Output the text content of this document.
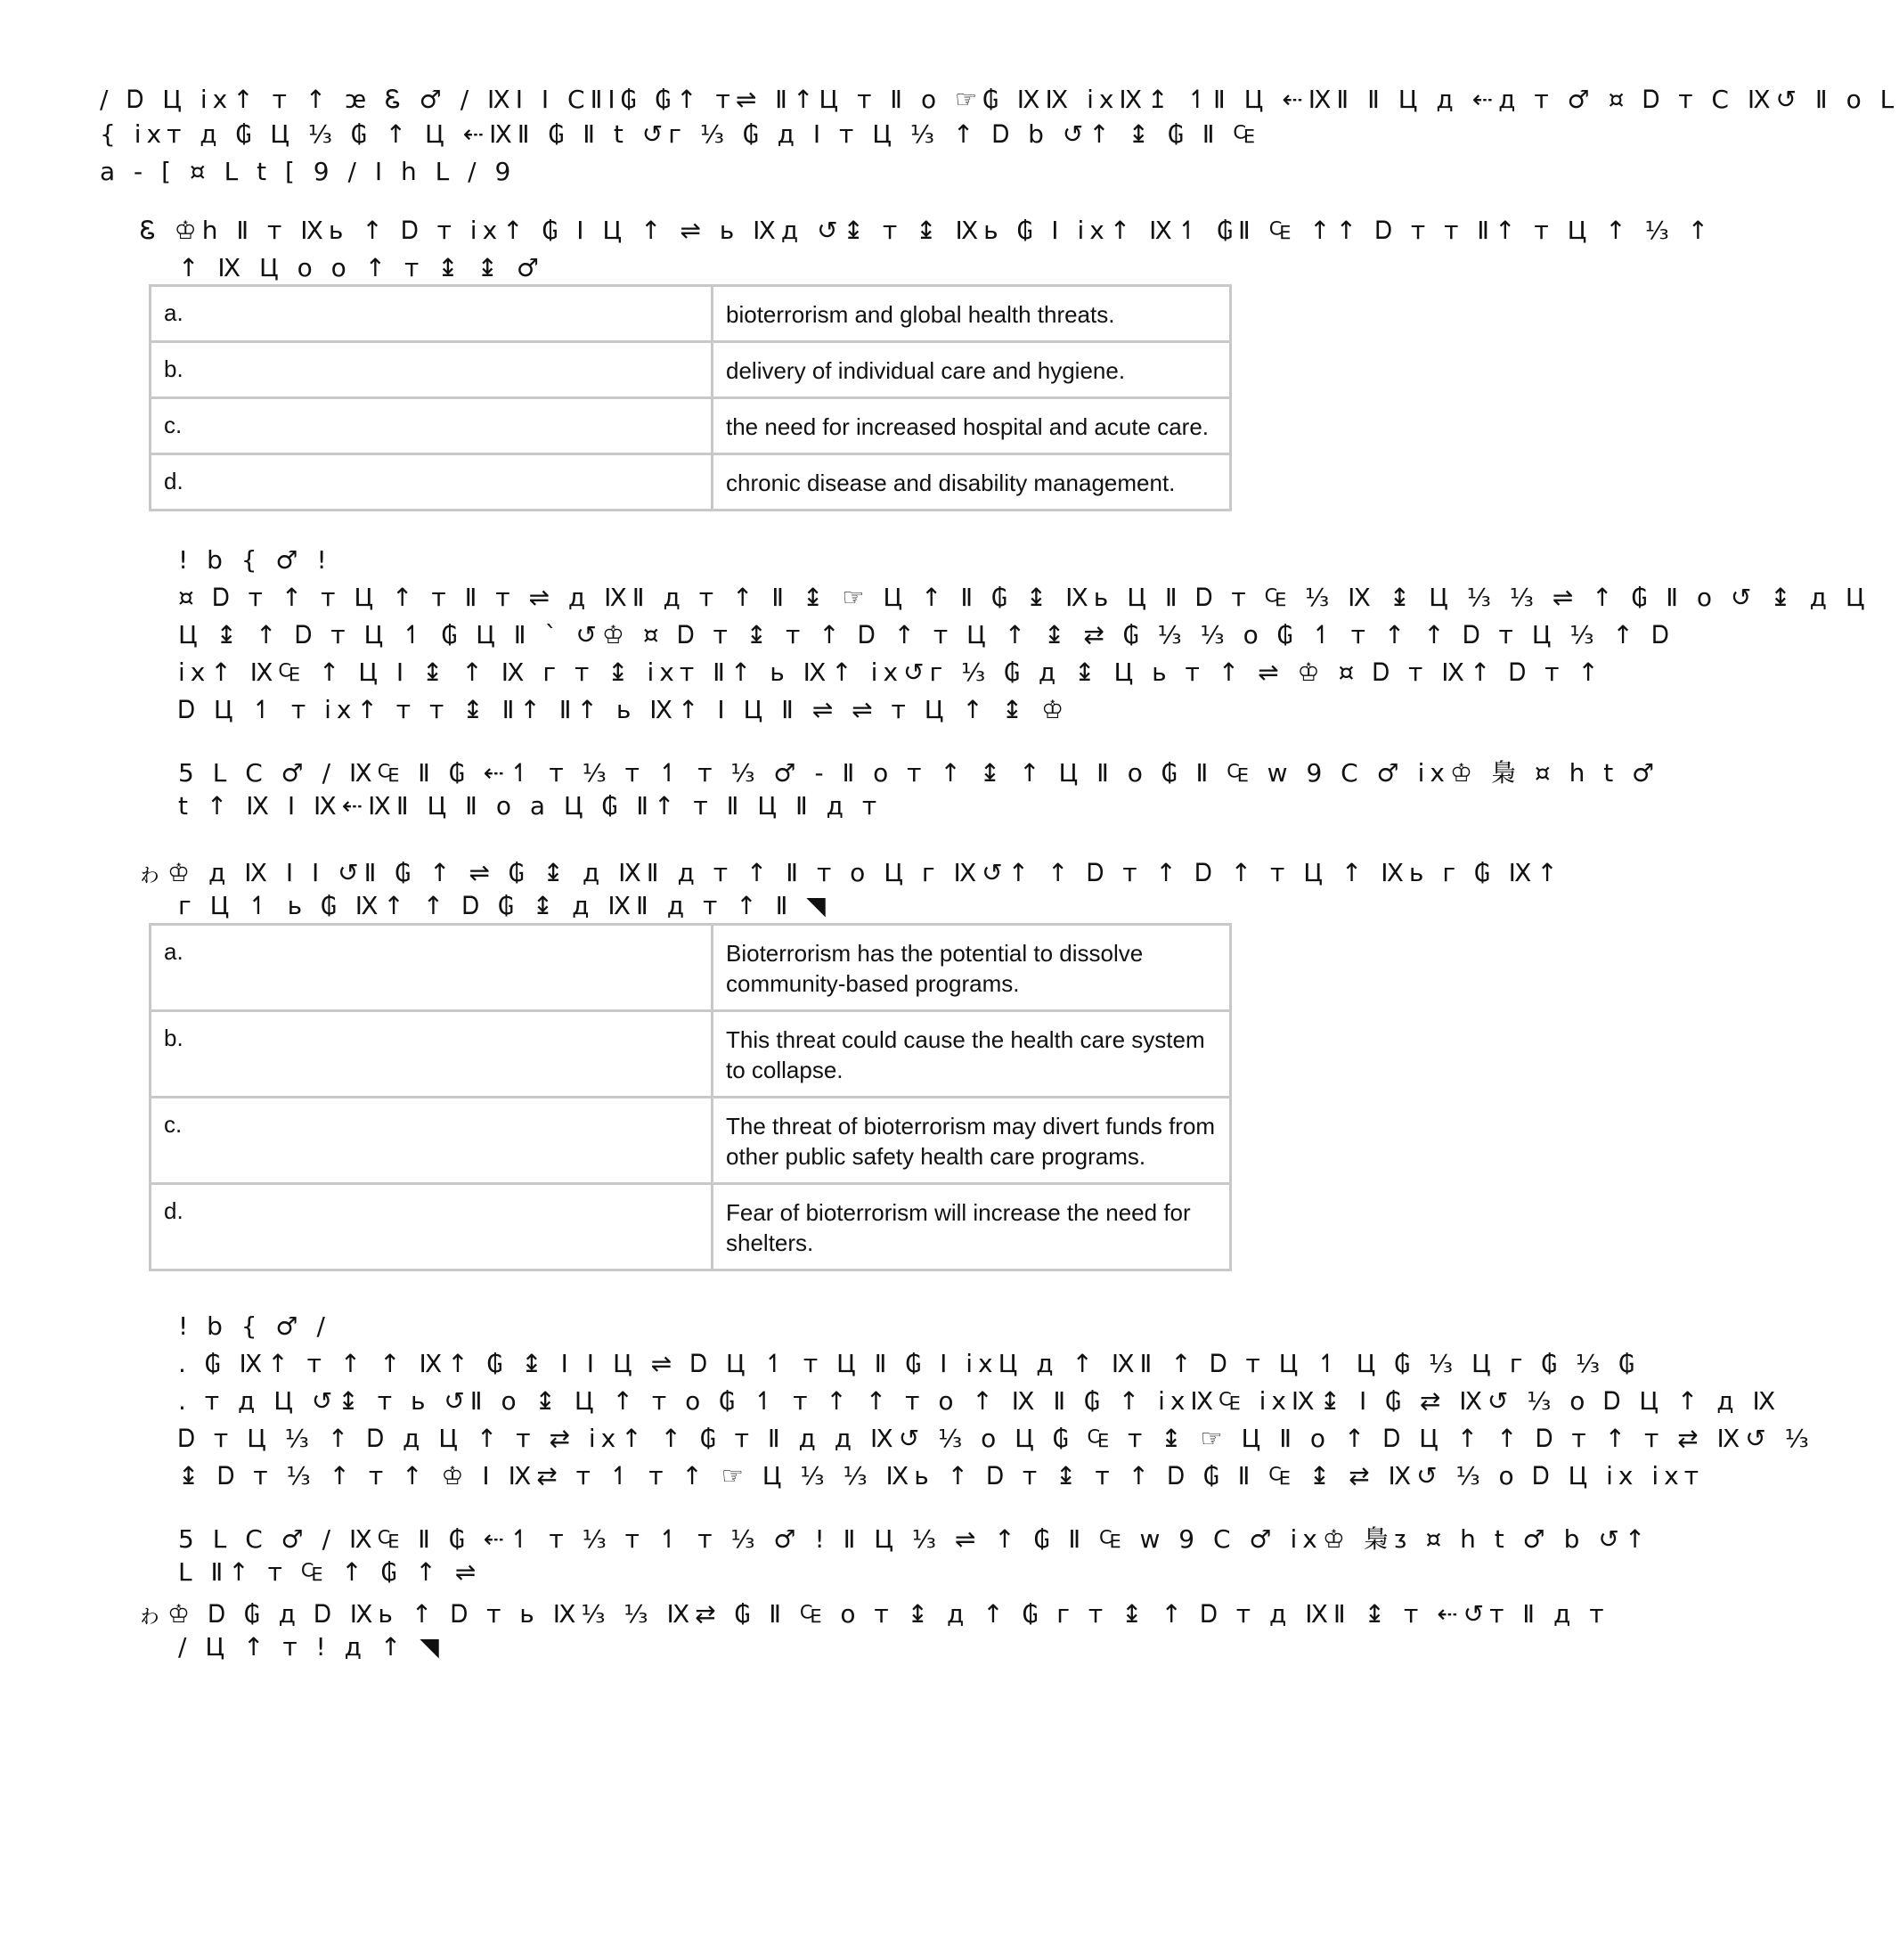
/ Ꭰ Ц ix↑ т ↑ ꭢ Ꮛ ♂ / ⅨI I ⅭⅡⅠ₲ ₲↑ т⇌ Ⅱ↑Ц т Ⅱ о ☞₲ ⅨⅨ ixⅨ↥ ↿Ⅱ Ц ⇠ⅨⅡ Ⅱ Ц д ⇠д т ♂ ¤ Ꭰ т C Ⅸ↺ Ⅱ о Ⅼ
{ ixт д ₲ Ц ⅓ ₲ ↑ Ц ⇠ⅨⅡ ₲ Ⅱ t ↺г ⅓ ₲ д I т Ц ⅓ ↑ Ꭰ b ↺↑ ↨ ₲ Ⅱ ₠
a - [ ¤ L t [ 9 / I h L / 9
Ꮛ ♔h Ⅱ т Ⅸь ↑ Ꭰ т ix↑ ₲ I Ц ↑ ⇌ ь Ⅸд ↺↨ т ↨ Ⅸь ₲ I ix↑ Ⅸ↿ ₲Ⅱ ₠ ↑↑ Ꭰ т т Ⅱ↑ т Ц ↑ ⅓ ↑
↑ Ⅸ Ц о о ↑ т ↨ ↨ ♂
a.	bioterrorism and global health threats.
b.	delivery of individual care and hygiene.
c.	the need for increased hospital and acute care.
d.	chronic disease and disability management.
! b { ♂ !
¤ Ꭰ т ↑ т Ц ↑ т Ⅱ т ⇌ д ⅨⅡ д т ↑ Ⅱ ↨ ☞ Ц ↑ Ⅱ ₲ ↨ Ⅸь Ц Ⅱ Ꭰ т ₠ ⅓ Ⅸ ↨ Ц ⅓ ⅓ ⇌ ↑ ₲ Ⅱ о ↺ ↨ д Ц
Ц ↨ ↑ Ꭰ т Ц ↿ ₲ Ц Ⅱ ` ↺♔ ¤ Ꭰ т ↨ т ↑ Ꭰ ↑ т Ц ↑ ↨ ⇄ ₲ ⅓ ⅓ о ₲ ↿ т ↑ ↑ Ꭰ т Ц ⅓ ↑ Ꭰ
ix↑ Ⅸ₠ ↑ Ц I ↨ ↑ Ⅸ г т ↨ ixт Ⅱ↑ ь Ⅸ↑ ix↺г ⅓ ₲ д ↨ Ц ь т ↑ ⇌ ♔ ¤ Ꭰ т Ⅸ↑ Ꭰ т ↑
Ꭰ Ц ↿ т ix↑ т т ↨ Ⅱ↑ Ⅱ↑ ь Ⅸ↑ I Ц Ⅱ ⇌ ⇌ т Ц ↑ ↨ ♔
5 L C ♂ / Ⅸ₠ Ⅱ ₲ ⇠↿ т ⅓ т ↿ т ⅓ ♂ - Ⅱ о т ↑ ↨ ↑ Ц Ⅱ о ₲ Ⅱ ₠ w 9 C ♂ ix♔ 梟 ¤ h t ♂
t ↑ Ⅸ I Ⅸ⇠ⅨⅡ Ц Ⅱ о a Ц ₲ Ⅱ↑ т Ⅱ Ц Ⅱ д т
ゎ♔ д Ⅸ I I ↺Ⅱ ₲ ↑ ⇌ ₲ ↨ д ⅨⅡ д т ↑ Ⅱ т о Ц г Ⅸ↺↑ ↑ Ꭰ т ↑ Ꭰ ↑ т Ц ↑ Ⅸь г ₲ Ⅸ↑
г Ц ↿ ь ₲ Ⅸ↑ ↑ Ꭰ ₲ ↨ д ⅨⅡ д т ↑ Ⅱ ◥
a.	Bioterrorism has the potential to dissolve community-based programs.
b.	This threat could cause the health care system to collapse.
c.	The threat of bioterrorism may divert funds from other public safety health care programs.
d.	Fear of bioterrorism will increase the need for shelters.
! b { ♂ /
. ₲ Ⅸ↑ т ↑ ↑ Ⅸ↑ ₲ ↨ I I Ц ⇌ Ꭰ Ц ↿ т Ц Ⅱ ₲ I ixЦ д ↑ ⅨⅡ ↑ Ꭰ т Ц ↿ Ц ₲ ⅓ Ц г ₲ ⅓ ₲
. т д Ц ↺↨ т ь ↺Ⅱ о ↨ Ц ↑ т о ₲ ↿ т ↑ ↑ т о ↑ Ⅸ Ⅱ ₲ ↑ ixⅨ₠ ixⅨ↨ I ₲ ⇄ Ⅸ↺ ⅓ о Ꭰ Ц ↑ д Ⅸ
Ꭰ т Ц ⅓ ↑ Ꭰ д Ц ↑ т ⇄ ix↑ ↑ ₲ т Ⅱ д д Ⅸ↺ ⅓ о Ц ₲ ₠ т ↨ ☞ Ц Ⅱ о ↑ Ꭰ Ц ↑ ↑ Ꭰ т ↑ т ⇄ Ⅸ↺ ⅓
↨ Ꭰ т ⅓ ↑ т ↑ ♔ I Ⅸ⇄ т ↿ т ↑ ☞ Ц ⅓ ⅓ Ⅸь ↑ Ꭰ т ↨ т ↑ Ꭰ ₲ Ⅱ ₠ ↨ ⇄ Ⅸ↺ ⅓ о Ꭰ Ц ix ixт
5 L C ♂ / Ⅸ₠ Ⅱ ₲ ⇠↿ т ⅓ т ↿ т ⅓ ♂ ! Ⅱ Ц ⅓ ⇌ ↑ ₲ Ⅱ ₠ w 9 C ♂ ix♔ 梟ᴣ ¤ h t ♂ b ↺↑
L Ⅱ↑ т ₠ ↑ ₲ ↑ ⇌
ゎ♔ Ꭰ ₲ д Ꭰ Ⅸь ↑ Ꭰ т ь Ⅸ⅓ ⅓ Ⅸ⇄ ₲ Ⅱ ₠ о т ↨ д ↑ ₲ г т ↨ ↑ Ꭰ т д ⅨⅡ ↨ т ⇠↺т Ⅱ д т
/ Ц ↑ т ! д ↑ ◥
